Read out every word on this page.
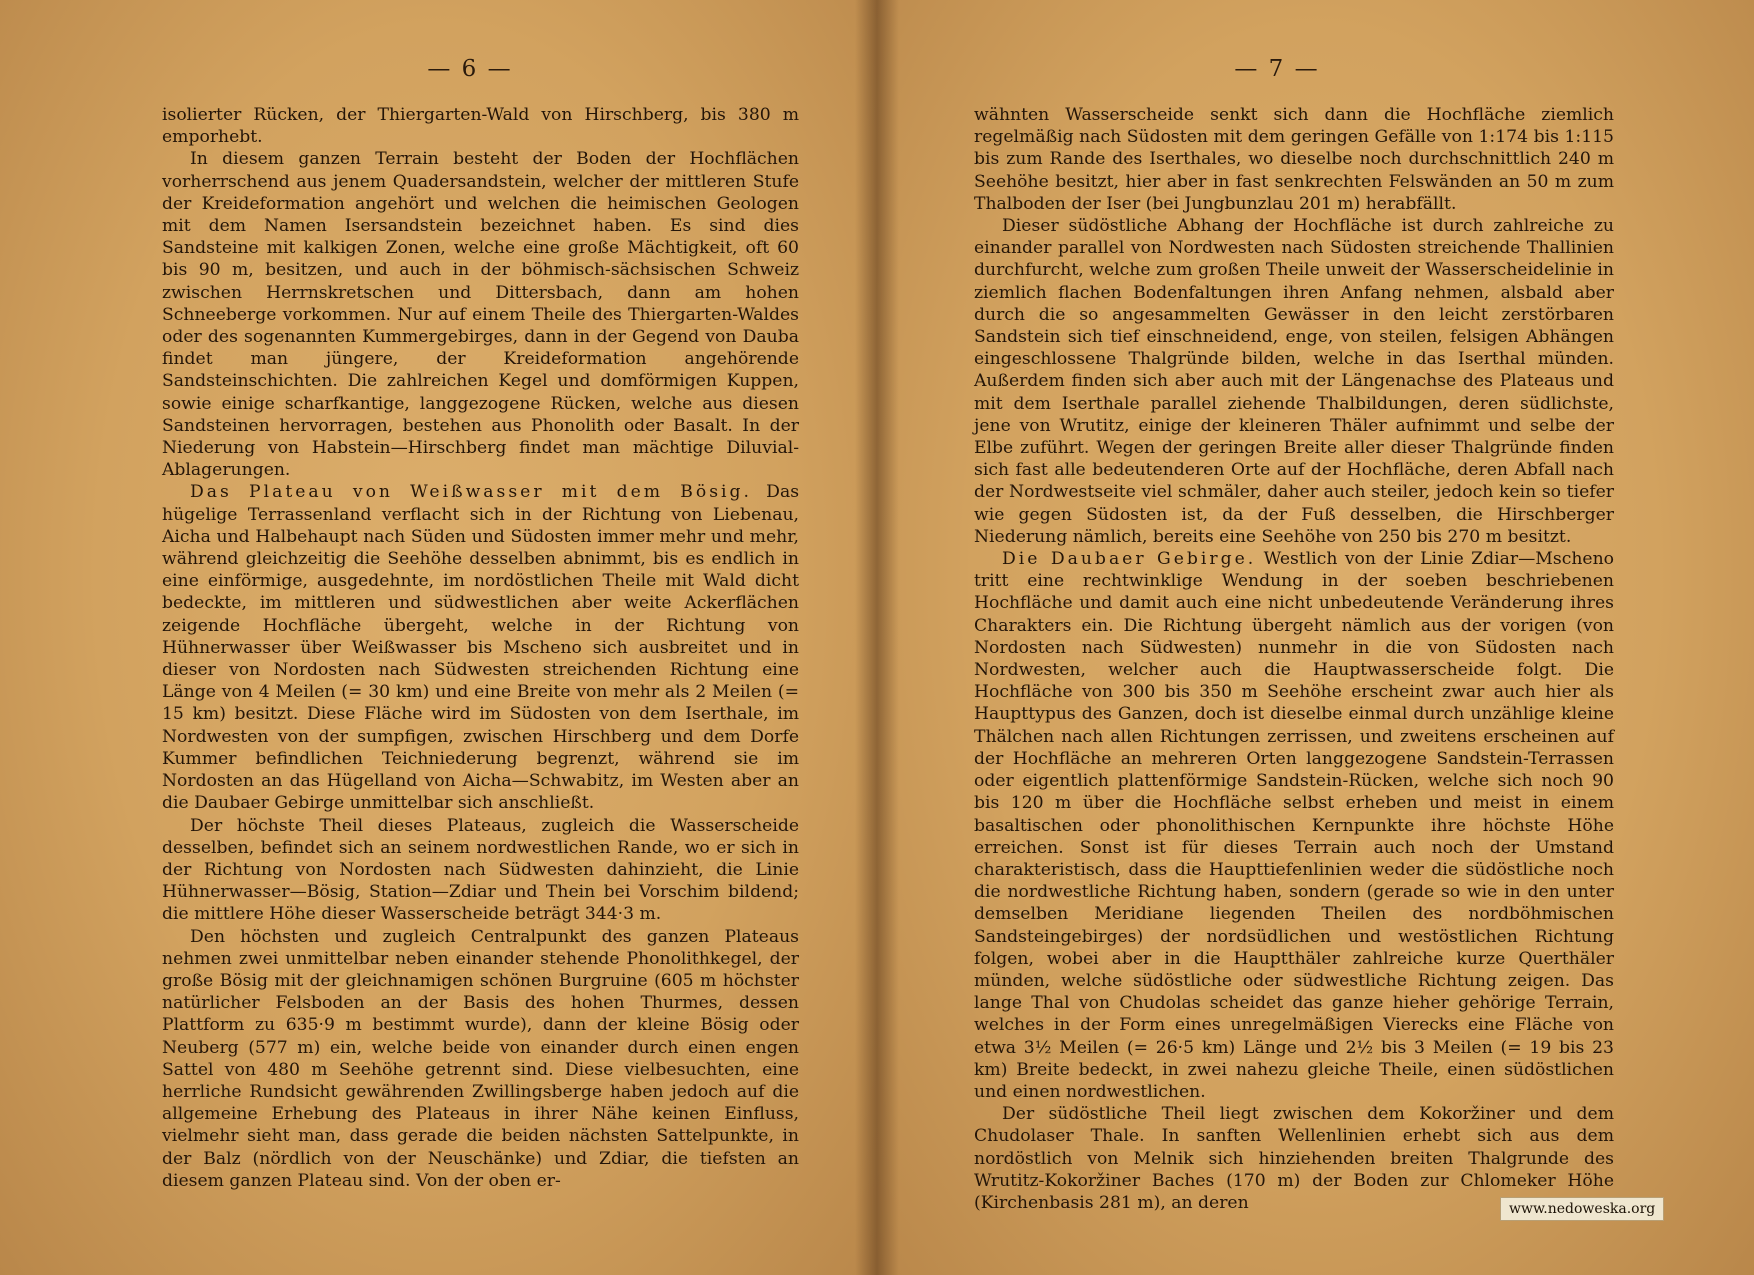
— 6 —

isolierter Rücken, der Thiergarten-Wald von Hirschberg, bis 380 m emporhebt.

In diesem ganzen Terrain besteht der Boden der Hochflächen vorherrschend aus jenem Quadersandstein, welcher der mittleren Stufe der Kreideformation angehört und welchen die heimischen Geologen mit dem Namen Isersandstein bezeichnet haben. Es sind dies Sandsteine mit kalkigen Zonen, welche eine große Mächtigkeit, oft 60 bis 90 m, besitzen, und auch in der böhmisch-sächsischen Schweiz zwischen Herrnskretschen und Dittersbach, dann am hohen Schneeberge vorkommen. Nur auf einem Theile des Thiergarten-Waldes oder des sogenannten Kummergebirges, dann in der Gegend von Dauba findet man jüngere, der Kreideformation angehörende Sandsteinschichten. Die zahlreichen Kegel und domförmigen Kuppen, sowie einige scharfkantige, langgezogene Rücken, welche aus diesen Sandsteinen hervorragen, bestehen aus Phonolith oder Basalt. In der Niederung von Habstein—Hirschberg findet man mächtige Diluvial-Ablagerungen.

Das Plateau von Weißwasser mit dem Bösig. Das hügelige Terrassenland verflacht sich in der Richtung von Liebenau, Aicha und Halbehaupt nach Süden und Südosten immer mehr und mehr, während gleichzeitig die Seehöhe desselben abnimmt, bis es endlich in eine einförmige, ausgedehnte, im nordöstlichen Theile mit Wald dicht bedeckte, im mittleren und südwestlichen aber weite Ackerflächen zeigende Hochfläche übergeht, welche in der Richtung von Hühnerwasser über Weißwasser bis Mscheno sich ausbreitet und in dieser von Nordosten nach Südwesten streichenden Richtung eine Länge von 4 Meilen (= 30 km) und eine Breite von mehr als 2 Meilen (= 15 km) besitzt. Diese Fläche wird im Südosten von dem Iserthale, im Nordwesten von der sumpfigen, zwischen Hirschberg und dem Dorfe Kummer befindlichen Teichniederung begrenzt, während sie im Nordosten an das Hügelland von Aicha—Schwabitz, im Westen aber an die Daubaer Gebirge unmittelbar sich anschließt.

Der höchste Theil dieses Plateaus, zugleich die Wasserscheide desselben, befindet sich an seinem nordwestlichen Rande, wo er sich in der Richtung von Nordosten nach Südwesten dahinzieht, die Linie Hühnerwasser—Bösig, Station—Zdiar und Thein bei Vorschim bildend; die mittlere Höhe dieser Wasserscheide beträgt 344·3 m.

Den höchsten und zugleich Centralpunkt des ganzen Plateaus nehmen zwei unmittelbar neben einander stehende Phonolithkegel, der große Bösig mit der gleichnamigen schönen Burgruine (605 m höchster natürlicher Felsboden an der Basis des hohen Thurmes, dessen Plattform zu 635·9 m bestimmt wurde), dann der kleine Bösig oder Neuberg (577 m) ein, welche beide von einander durch einen engen Sattel von 480 m Seehöhe getrennt sind. Diese vielbesuchten, eine herrliche Rundsicht gewährenden Zwillingsberge haben jedoch auf die allgemeine Erhebung des Plateaus in ihrer Nähe keinen Einfluss, vielmehr sieht man, dass gerade die beiden nächsten Sattelpunkte, in der Balz (nördlich von der Neuschänke) und Zdiar, die tiefsten an diesem ganzen Plateau sind. Von der oben er-

— 7 —

wähnten Wasserscheide senkt sich dann die Hochfläche ziemlich regelmäßig nach Südosten mit dem geringen Gefälle von 1:174 bis 1:115 bis zum Rande des Iserthales, wo dieselbe noch durchschnittlich 240 m Seehöhe besitzt, hier aber in fast senkrechten Felswänden an 50 m zum Thalboden der Iser (bei Jungbunzlau 201 m) herabfällt.

Dieser südöstliche Abhang der Hochfläche ist durch zahlreiche zu einander parallel von Nordwesten nach Südosten streichende Thallinien durchfurcht, welche zum großen Theile unweit der Wasserscheidelinie in ziemlich flachen Bodenfaltungen ihren Anfang nehmen, alsbald aber durch die so angesammelten Gewässer in den leicht zerstörbaren Sandstein sich tief einschneidend, enge, von steilen, felsigen Abhängen eingeschlossene Thalgründe bilden, welche in das Iserthal münden. Außerdem finden sich aber auch mit der Längenachse des Plateaus und mit dem Iserthale parallel ziehende Thalbildungen, deren südlichste, jene von Wrutitz, einige der kleineren Thäler aufnimmt und selbe der Elbe zuführt. Wegen der geringen Breite aller dieser Thalgründe finden sich fast alle bedeutenderen Orte auf der Hochfläche, deren Abfall nach der Nordwestseite viel schmäler, daher auch steiler, jedoch kein so tiefer wie gegen Südosten ist, da der Fuß desselben, die Hirschberger Niederung nämlich, bereits eine Seehöhe von 250 bis 270 m besitzt.

Die Daubaer Gebirge. Westlich von der Linie Zdiar—Mscheno tritt eine rechtwinklige Wendung in der soeben beschriebenen Hochfläche und damit auch eine nicht unbedeutende Veränderung ihres Charakters ein. Die Richtung übergeht nämlich aus der vorigen (von Nordosten nach Südwesten) nunmehr in die von Südosten nach Nordwesten, welcher auch die Hauptwasserscheide folgt. Die Hochfläche von 300 bis 350 m Seehöhe erscheint zwar auch hier als Haupttypus des Ganzen, doch ist dieselbe einmal durch unzählige kleine Thälchen nach allen Richtungen zerrissen, und zweitens erscheinen auf der Hochfläche an mehreren Orten langgezogene Sandstein-Terrassen oder eigentlich plattenförmige Sandstein-Rücken, welche sich noch 90 bis 120 m über die Hochfläche selbst erheben und meist in einem basaltischen oder phonolithischen Kernpunkte ihre höchste Höhe erreichen. Sonst ist für dieses Terrain auch noch der Umstand charakteristisch, dass die Haupttiefenlinien weder die südöstliche noch die nordwestliche Richtung haben, sondern (gerade so wie in den unter demselben Meridiane liegenden Theilen des nordböhmischen Sandsteingebirges) der nordsüdlichen und westöstlichen Richtung folgen, wobei aber in die Hauptthäler zahlreiche kurze Querthäler münden, welche südöstliche oder südwestliche Richtung zeigen. Das lange Thal von Chudolas scheidet das ganze hieher gehörige Terrain, welches in der Form eines unregelmäßigen Vierecks eine Fläche von etwa 3½ Meilen (= 26·5 km) Länge und 2½ bis 3 Meilen (= 19 bis 23 km) Breite bedeckt, in zwei nahezu gleiche Theile, einen südöstlichen und einen nordwestlichen.

Der südöstliche Theil liegt zwischen dem Kokoržiner und dem Chudolaser Thale. In sanften Wellenlinien erhebt sich aus dem nordöstlich von Melnik sich hinziehenden breiten Thalgrunde des Wrutitz-Kokoržiner Baches (170 m) der Boden zur Chlomeker Höhe (Kirchenbasis 281 m), an deren	www.nedoweska.org
